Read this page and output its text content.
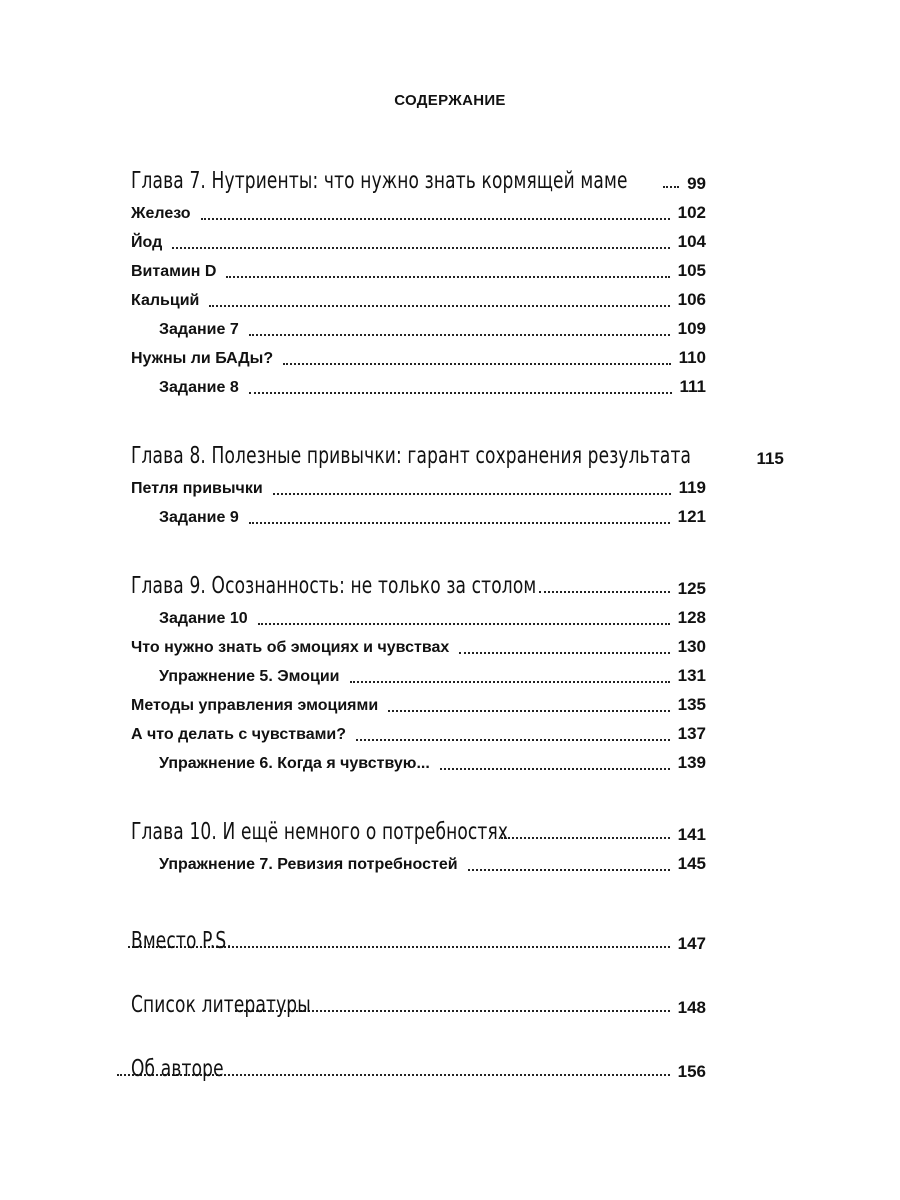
СОДЕРЖАНИЕ
Глава 7. Нутриенты: что нужно знать кормящей маме	99
Железо	102
Йод	104
Витамин D	105
Кальций	106
Задание 7	109
Нужны ли БАДы?	110
Задание 8	111
Глава 8. Полезные привычки: гарант сохранения результата	115
Петля привычки	119
Задание 9	121
Глава 9. Осознанность: не только за столом	125
Задание 10	128
Что нужно знать об эмоциях и чувствах	130
Упражнение 5. Эмоции	131
Методы управления эмоциями	135
А что делать с чувствами?	137
Упражнение 6. Когда я чувствую...	139
Глава 10. И ещё немного о потребностях	141
Упражнение 7. Ревизия потребностей	145
Вместо P.S.	147
Список литературы	148
Об авторе	156
